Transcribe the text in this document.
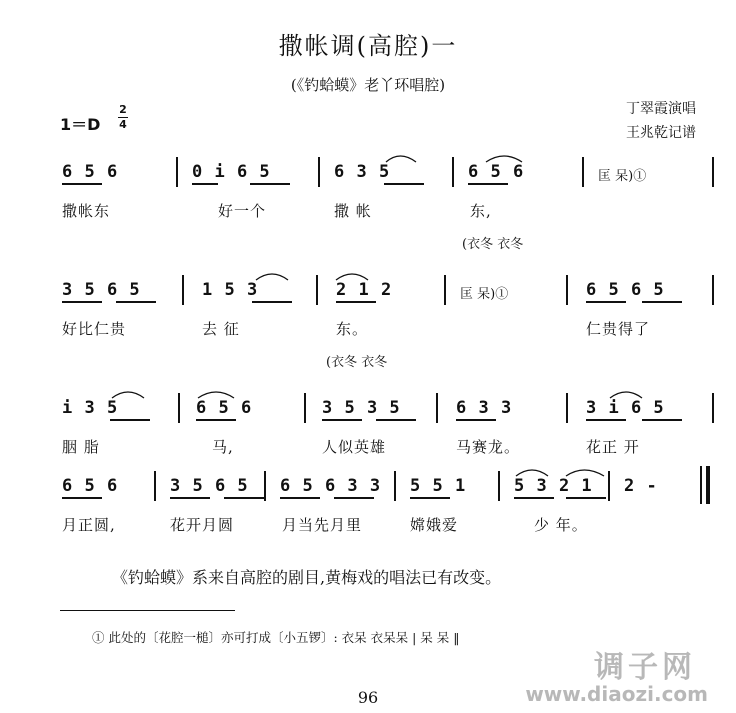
撒帐调(高腔)一
(《钓蛤蟆》老丫环唱腔)
丁翠霞演唱
王兆乾记谱
1＝D
2
4
6 5 6	0 i 6 5	6 3 5	6 5 6	匡 呆)①
撒帐东	好一个	撒 帐	东,
(衣冬 衣冬
3 5 6 5	1 5 3	2 1 2	匡 呆)①	6 5 6 5
好比仁贵	去 征	东。	仁贵得了
(衣冬 衣冬
i 3 5	6 5 6	3 5 3 5	6 3 3	3 i 6 5
胭 脂	马,	人似英雄	马赛龙。	花正 开
6 5 6	3 5 6 5 6 5 6 3 3 5 5 1	5 3 2 1 2 -
月正圆,	花开月圆	月当先月里	嫦娥爱	少 年。
《钓蛤蟆》系来自高腔的剧目,黄梅戏的唱法已有改变。
① 此处的〔花腔一槌〕亦可打成〔小五锣〕: 衣呆 衣呆呆 | 呆 呆 ‖
96
调子网
www.diaozi.com
